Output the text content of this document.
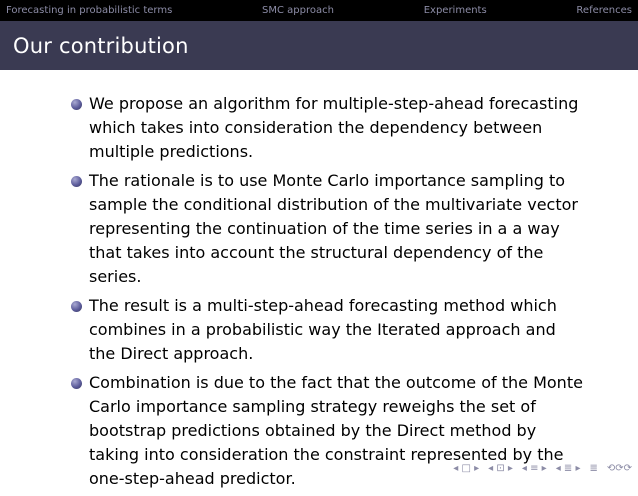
Forecasting in probabilistic terms	SMC approach	Experiments	References
Our contribution
We propose an algorithm for multiple-step-ahead forecasting which takes into consideration the dependency between multiple predictions.
The rationale is to use Monte Carlo importance sampling to sample the conditional distribution of the multivariate vector representing the continuation of the time series in a a way that takes into account the structural dependency of the series.
The result is a multi-step-ahead forecasting method which combines in a probabilistic way the Iterated approach and the Direct approach.
Combination is due to the fact that the outcome of the Monte Carlo importance sampling strategy reweighs the set of bootstrap predictions obtained by the Direct method by taking into consideration the constraint represented by the one-step-ahead predictor.
◂ □ ▸ ◂ ⊡ ▸ ◂ ≡ ▸ ◂ ≣ ▸ ≣ ⟲⟳⟳
